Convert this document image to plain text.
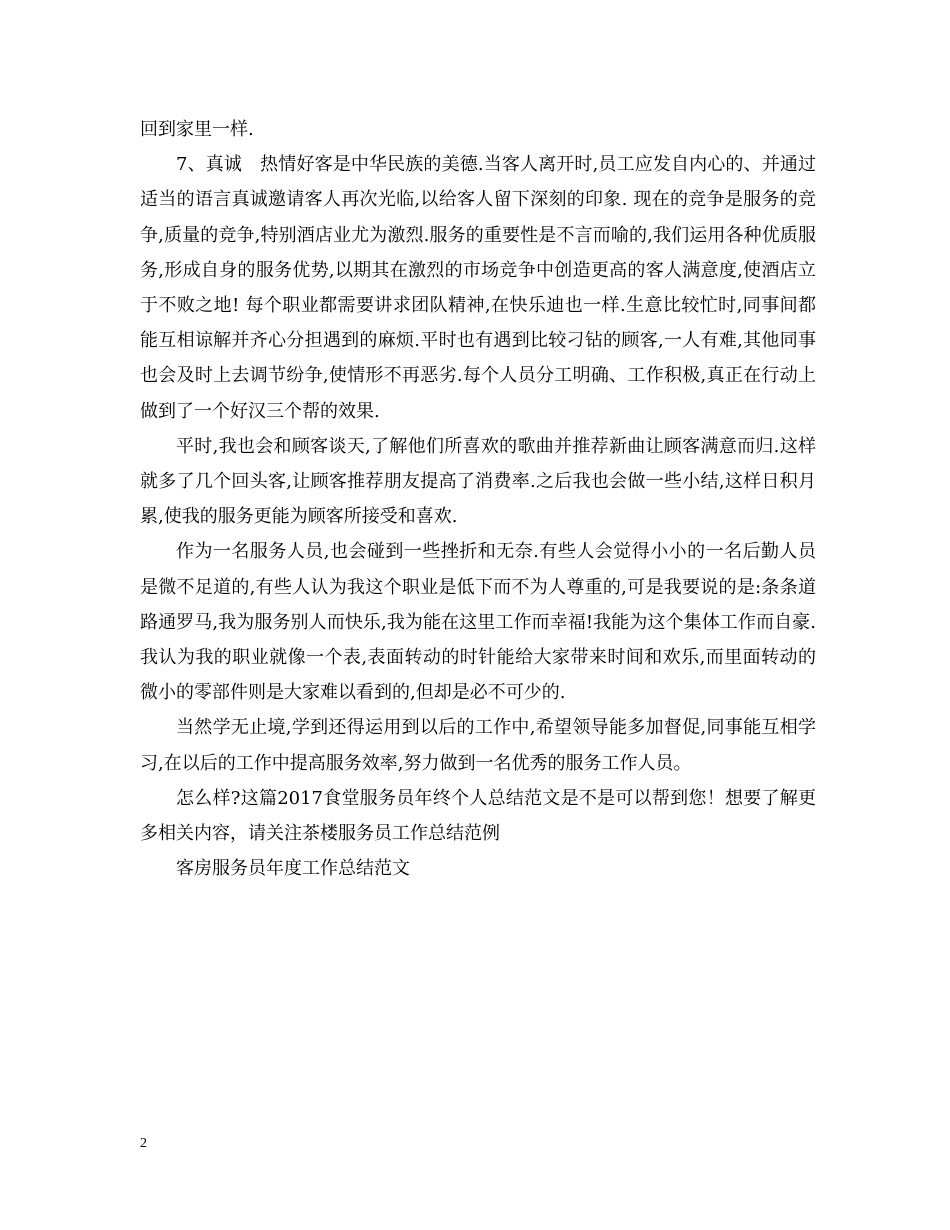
回到家里一样.

7、真诚　热情好客是中华民族的美德.当客人离开时,员工应发自内心的、并通过适当的语言真诚邀请客人再次光临,以给客人留下深刻的印象. 现在的竞争是服务的竞争,质量的竞争,特别酒店业尤为激烈.服务的重要性是不言而喻的,我们运用各种优质服务,形成自身的服务优势,以期其在激烈的市场竞争中创造更高的客人满意度,使酒店立于不败之地! 每个职业都需要讲求团队精神,在快乐迪也一样.生意比较忙时,同事间都能互相谅解并齐心分担遇到的麻烦.平时也有遇到比较刁钻的顾客,一人有难,其他同事也会及时上去调节纷争,使情形不再恶劣.每个人员分工明确、工作积极,真正在行动上做到了一个好汉三个帮的效果.

平时,我也会和顾客谈天,了解他们所喜欢的歌曲并推荐新曲让顾客满意而归.这样就多了几个回头客,让顾客推荐朋友提高了消费率.之后我也会做一些小结,这样日积月累,使我的服务更能为顾客所接受和喜欢.

作为一名服务人员,也会碰到一些挫折和无奈.有些人会觉得小小的一名后勤人员是微不足道的,有些人认为我这个职业是低下而不为人尊重的,可是我要说的是:条条道路通罗马,我为服务别人而快乐,我为能在这里工作而幸福!我能为这个集体工作而自豪.我认为我的职业就像一个表,表面转动的时针能给大家带来时间和欢乐,而里面转动的微小的零部件则是大家难以看到的,但却是必不可少的.

当然学无止境,学到还得运用到以后的工作中,希望领导能多加督促,同事能互相学习,在以后的工作中提高服务效率,努力做到一名优秀的服务工作人员。

怎么样?这篇2017食堂服务员年终个人总结范文是不是可以帮到您！想要了解更多相关内容，请关注茶楼服务员工作总结范例

客房服务员年度工作总结范文

2
